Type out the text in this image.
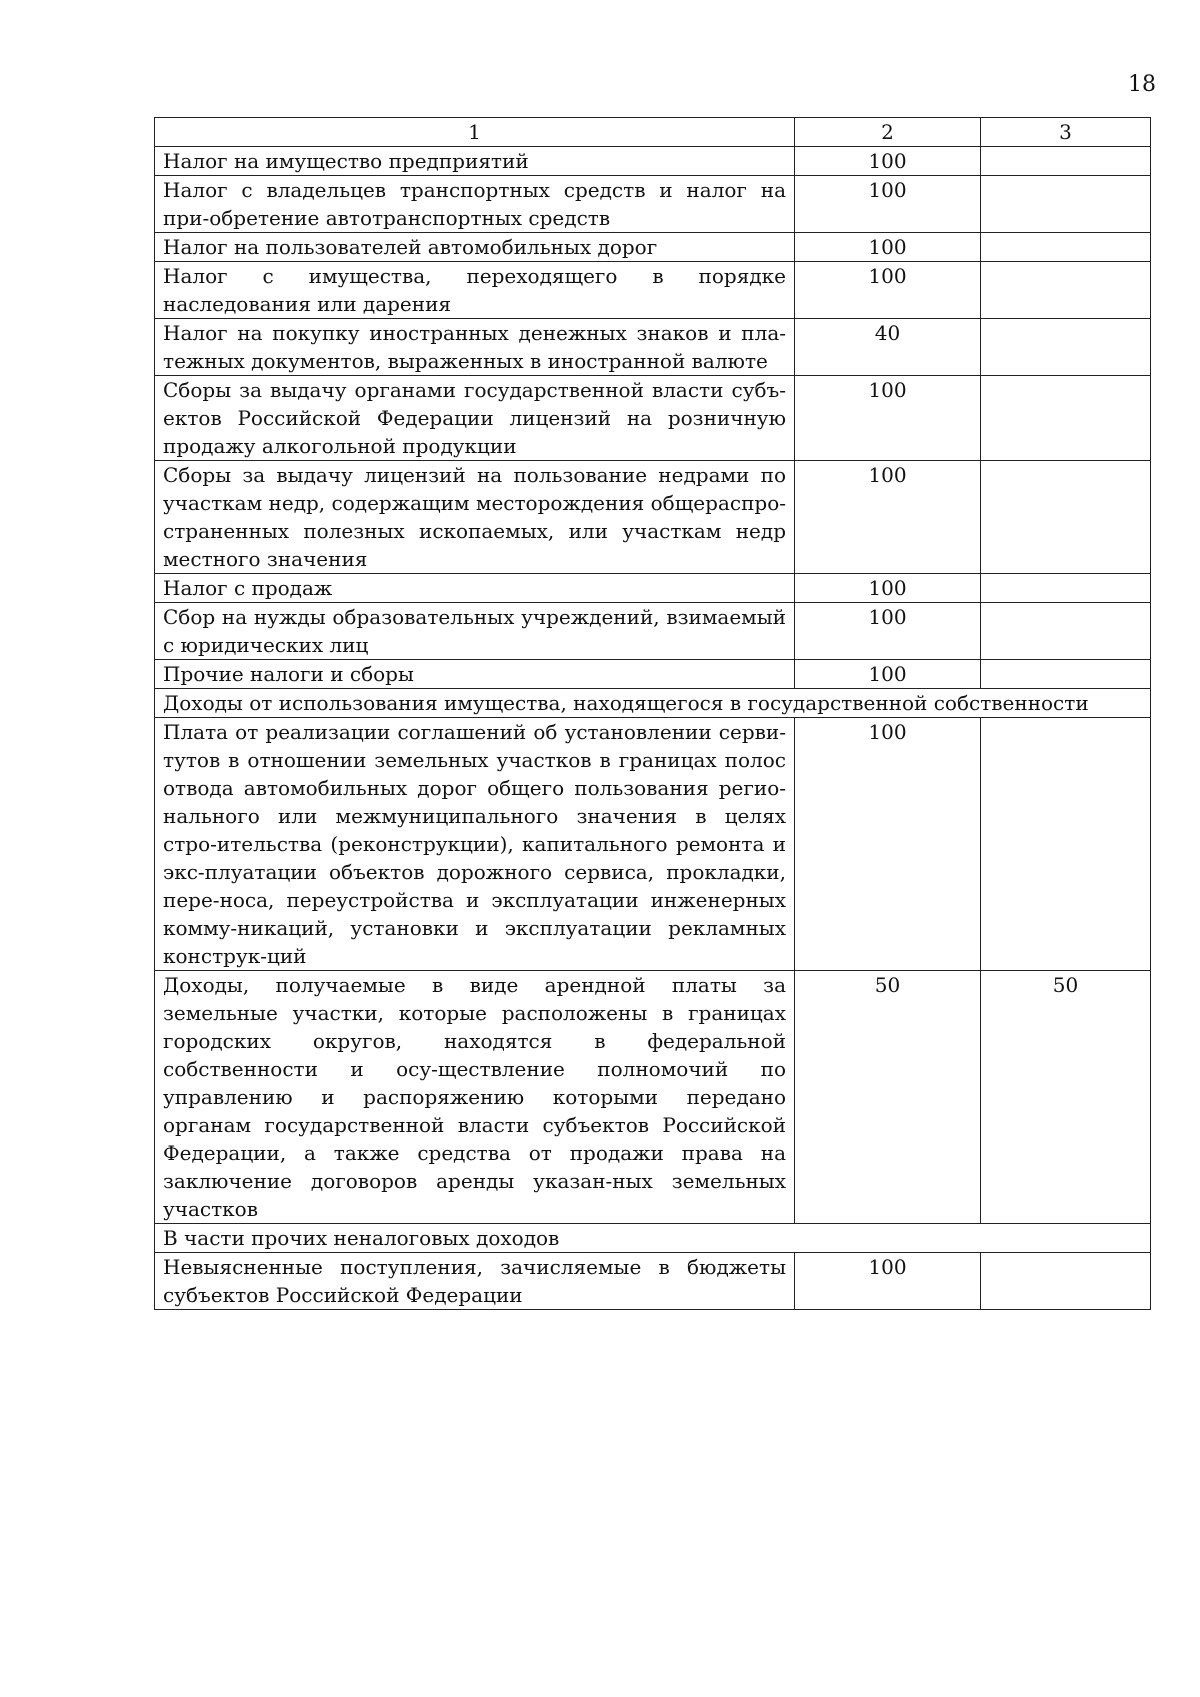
18
1	2	3
Налог на имущество предприятий	100	
Налог с владельцев транспортных средств и налог на при-обретение автотранспортных средств	100	
Налог на пользователей автомобильных дорог	100	
Налог с имущества, переходящего в порядке наследования или дарения	100	
Налог на покупку иностранных денежных знаков и пла-тежных документов, выраженных в иностранной валюте	40	
Сборы за выдачу органами государственной власти субъ-ектов Российской Федерации лицензий на розничную продажу алкогольной продукции	100	
Сборы за выдачу лицензий на пользование недрами по участкам недр, содержащим месторождения общераспро-страненных полезных ископаемых, или участкам недр местного значения	100	
Налог с продаж	100	
Сбор на нужды образовательных учреждений, взимаемый с юридических лиц	100	
Прочие налоги и сборы	100	
Доходы от использования имущества, находящегося в государственной собственности		
Плата от реализации соглашений об установлении серви-тутов в отношении земельных участков в границах полос отвода автомобильных дорог общего пользования регио-нального или межмуниципального значения в целях стро-ительства (реконструкции), капитального ремонта и экс-плуатации объектов дорожного сервиса, прокладки, пере-носа, переустройства и эксплуатации инженерных комму-никаций, установки и эксплуатации рекламных конструк-ций	100	
Доходы, получаемые в виде арендной платы за земельные участки, которые расположены в границах городских округов, находятся в федеральной собственности и осу-ществление полномочий по управлению и распоряжению которыми передано органам государственной власти субъектов Российской Федерации, а также средства от продажи права на заключение договоров аренды указан-ных земельных участков	50	50
В части прочих неналоговых доходов		
Невыясненные поступления, зачисляемые в бюджеты субъектов Российской Федерации	100	
